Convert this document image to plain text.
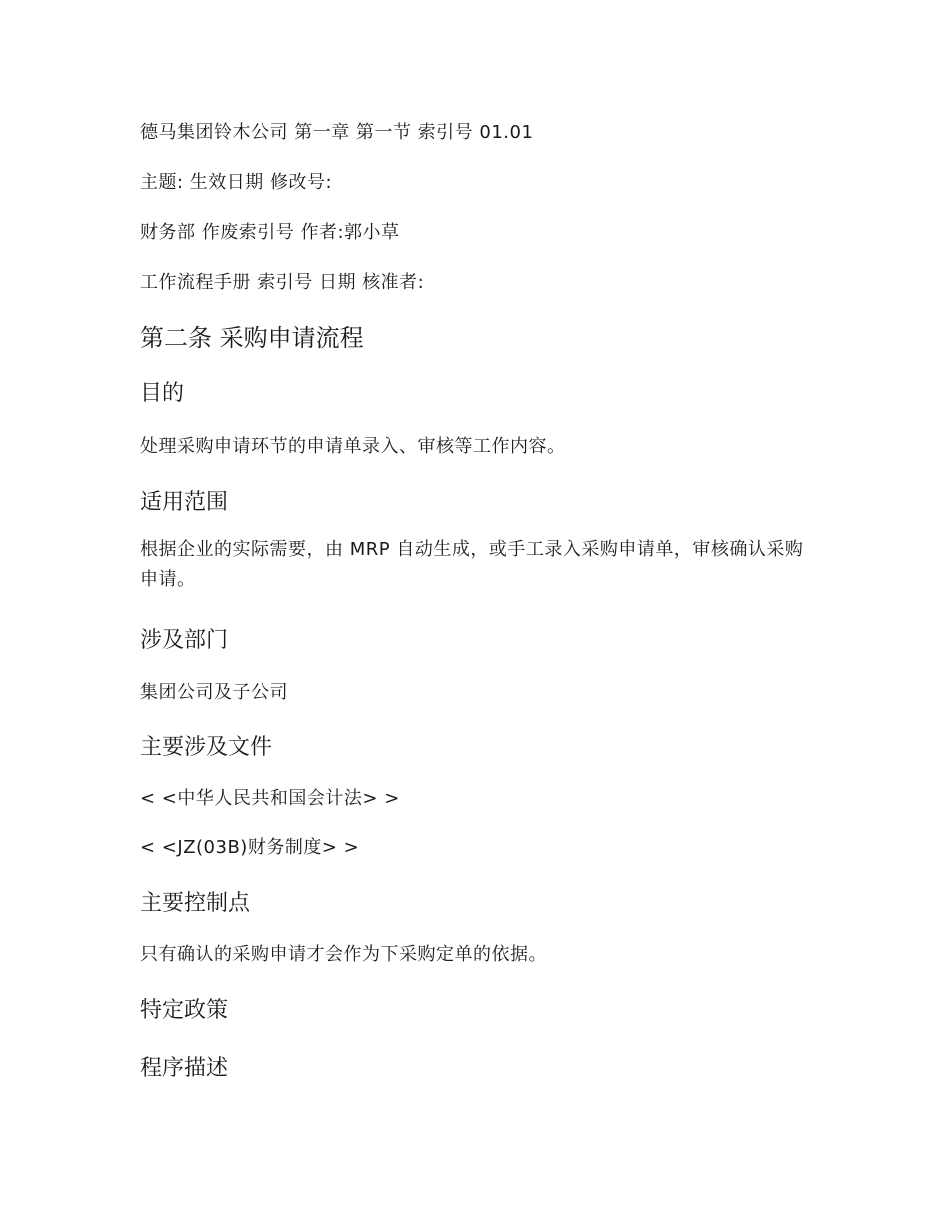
德马集团铃木公司 第一章 第一节 索引号 01.01
主题: 生效日期 修改号:
财务部 作废索引号 作者:郭小草
工作流程手册 索引号 日期 核准者:
第二条 采购申请流程
目的
处理采购申请环节的申请单录入、审核等工作内容。
适用范围
根据企业的实际需要，由 MRP 自动生成，或手工录入采购申请单，审核确认采购申请。
涉及部门
集团公司及子公司
主要涉及文件
< <中华人民共和国会计法> >
< <JZ(03B)财务制度> >
主要控制点
只有确认的采购申请才会作为下采购定单的依据。
特定政策
程序描述
